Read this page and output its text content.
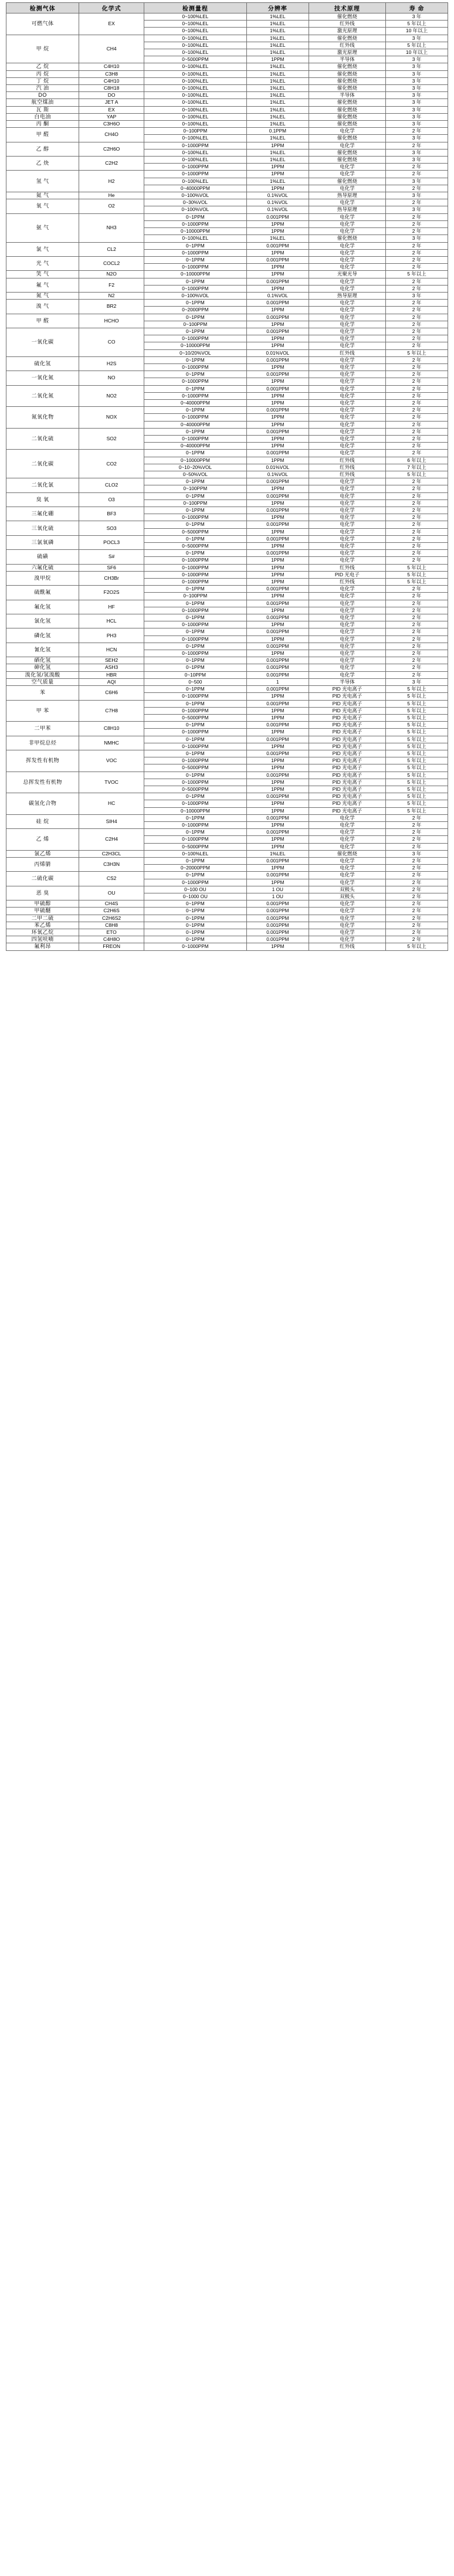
检测气体	化学式	检测量程	分辨率	技术原理	寿 命
可燃气体	EX	0~100%LEL	1%LEL	催化燃烧	3 年
		0~100%LEL	1%LEL	红外线	5 年以上
		0~100%LEL	1%LEL	激光原理	10 年以上
甲 烷	CH4	0~100%LEL	1%LEL	催化燃烧	3 年
		0~100%LEL	1%LEL	红外线	5 年以上
		0~100%LEL	1%LEL	激光原理	10 年以上
		0~5000PPM	1PPM	半导体	3 年
乙 烷	C4H10	0~100%LEL	1%LEL	催化燃烧	3 年
丙 烷	C3H8	0~100%LEL	1%LEL	催化燃烧	3 年
丁 烷	C4H10	0~100%LEL	1%LEL	催化燃烧	3 年
汽 油	C8H18	0~100%LEL	1%LEL	催化燃烧	3 年
DO	DO	0~100%LEL	1%LEL	半导体	3 年
航空煤油	JET A	0~100%LEL	1%LEL	催化燃烧	3 年
瓦 斯	EX	0~100%LEL	1%LEL	催化燃烧	3 年
白电油	YAP	0~100%LEL	1%LEL	催化燃烧	3 年
丙 酮	C3H6O	0~100%LEL	1%LEL	催化燃烧	3 年
甲 醛	CH4O	0~100PPM	0.1PPM	电化学	2 年
		0~100%LEL	1%LEL	催化燃烧	3 年
乙 醇	C2H6O	0~1000PPM	1PPM	电化学	2 年
		0~100%LEL	1%LEL	催化燃烧	3 年
乙 炔	C2H2	0~100%LEL	1%LEL	催化燃烧	3 年
		0~1000PPM	1PPM	电化学	2 年
氢 气	H2	0~1000PPM	1PPM	电化学	2 年
		0~100%LEL	1%LEL	催化燃烧	3 年
		0~40000PPM	1PPM	电化学	2 年
氦 气	He	0~100%VOL	0.1%VOL	热导原理	3 年
氧 气	O2	0~30%VOL	0.1%VOL	电化学	2 年
		0~100%VOL	0.1%VOL	热导原理	3 年
氨 气	NH3	0~1PPM	0.001PPM	电化学	2 年
		0~1000PPM	1PPM	电化学	2 年
		0~10000PPM	1PPM	电化学	2 年
		0~100%LEL	1%LEL	催化燃烧	3 年
氯 气	CL2	0~1PPM	0.001PPM	电化学	2 年
		0~1000PPM	1PPM	电化学	2 年
光 气	COCL2	0~1PPM	0.001PPM	电化学	2 年
		0~1000PPM	1PPM	电化学	2 年
笑 气	N2O	0~10000PPM	1PPM	光聚光导	5 年以上
氟 气	F2	0~1PPM	0.001PPM	电化学	2 年
		0~1000PPM	1PPM	电化学	2 年
氮 气	N2	0~100%VOL	0.1%VOL	热导原理	3 年
溴 气	BR2	0~1PPM	0.001PPM	电化学	2 年
		0~2000PPM	1PPM	电化学	2 年
甲 醛	HCHO	0~1PPM	0.001PPM	电化学	2 年
		0~100PPM	1PPM	电化学	2 年
一氧化碳	CO	0~1PPM	0.001PPM	电化学	2 年
		0~1000PPM	1PPM	电化学	2 年
		0~10000PPM	1PPM	电化学	2 年
		0~10/20%VOL	0.01%VOL	红外线	5 年以上
硫化氢	H2S	0~1PPM	0.001PPM	电化学	2 年
		0~1000PPM	1PPM	电化学	2 年
一氧化氮	NO	0~1PPM	0.001PPM	电化学	2 年
		0~1000PPM	1PPM	电化学	2 年
二氧化氮	NO2	0~1PPM	0.001PPM	电化学	2 年
		0~1000PPM	1PPM	电化学	2 年
		0~40000PPM	1PPM	电化学	2 年
氮氧化物	NOX	0~1PPM	0.001PPM	电化学	2 年
		0~1000PPM	1PPM	电化学	2 年
		0~40000PPM	1PPM	电化学	2 年
二氧化硫	SO2	0~1PPM	0.001PPM	电化学	2 年
		0~1000PPM	1PPM	电化学	2 年
		0~40000PPM	1PPM	电化学	2 年
二氧化碳	CO2	0~1PPM	0.001PPM	电化学	2 年
		0~10000PPM	1PPM	红外线	6 年以上
		0~10~20%VOL	0.01%VOL	红外线	7 年以上
		0~50%VOL	0.1%VOL	红外线	5 年以上
二氧化氯	CLO2	0~1PPM	0.001PPM	电化学	2 年
		0~100PPM	1PPM	电化学	2 年
臭 氧	O3	0~1PPM	0.001PPM	电化学	2 年
		0~100PPM	1PPM	电化学	2 年
三氟化硼	BF3	0~1PPM	0.001PPM	电化学	2 年
		0~1000PPM	1PPM	电化学	2 年
三氧化硫	SO3	0~1PPM	0.001PPM	电化学	2 年
		0~5000PPM	1PPM	电化学	2 年
三氯氧磷	POCL3	0~1PPM	0.001PPM	电化学	2 年
		0~5000PPM	1PPM	电化学	2 年
硫磺	S#	0~1PPM	0.001PPM	电化学	2 年
		0~1000PPM	1PPM	电化学	2 年
六氟化硫	SF6	0~1000PPM	1PPM	红外线	5 年以上
溴甲烷	CH3Br	0~1000PPM	1PPM	PID 光电子	5 年以上
		0~1000PPM	1PPM	红外线	5 年以上
硫酰氟	F2O2S	0~1PPM	0.001PPM	电化学	2 年
		0~100PPM	1PPM	电化学	2 年
氟化氢	HF	0~1PPM	0.001PPM	电化学	2 年
		0~1000PPM	1PPM	电化学	2 年
氯化氢	HCL	0~1PPM	0.001PPM	电化学	2 年
		0~1000PPM	1PPM	电化学	2 年
磷化氢	PH3	0~1PPM	0.001PPM	电化学	2 年
		0~1000PPM	1PPM	电化学	2 年
氰化氢	HCN	0~1PPM	0.001PPM	电化学	2 年
		0~1000PPM	1PPM	电化学	2 年
硒化氢	SEH2	0~1PPM	0.001PPM	电化学	2 年
砷化氢	ASH3	0~1PPM	0.001PPM	电化学	2 年
溴化氢/氢溴酸	HBR	0~10PPM	0.001PPM	电化学	2 年
空气质量	AQI	0~500	1	半导体	3 年
苯	C6H6	0~1PPM	0.001PPM	PID 光电离子	5 年以上
		0~1000PPM	1PPM	PID 光电离子	5 年以上
甲 苯	C7H8	0~1PPM	0.001PPM	PID 光电离子	5 年以上
		0~1000PPM	1PPM	PID 光电离子	5 年以上
		0~5000PPM	1PPM	PID 光电离子	5 年以上
二甲苯	C8H10	0~1PPM	0.001PPM	PID 光电离子	5 年以上
		0~1000PPM	1PPM	PID 光电离子	5 年以上
非甲烷总烃	NMHC	0~1PPM	0.001PPM	PID 光电离子	5 年以上
		0~1000PPM	1PPM	PID 光电离子	5 年以上
挥发性有机物	VOC	0~1PPM	0.001PPM	PID 光电离子	5 年以上
		0~1000PPM	1PPM	PID 光电离子	5 年以上
		0~5000PPM	1PPM	PID 光电离子	5 年以上
总挥发性有机物	TVOC	0~1PPM	0.001PPM	PID 光电离子	5 年以上
		0~1000PPM	1PPM	PID 光电离子	5 年以上
		0~5000PPM	1PPM	PID 光电离子	5 年以上
碳氢化合物	HC	0~1PPM	0.001PPM	PID 光电离子	5 年以上
		0~1000PPM	1PPM	PID 光电离子	5 年以上
		0~10000PPM	1PPM	PID 光电离子	5 年以上
硅 烷	SIH4	0~1PPM	0.001PPM	电化学	2 年
		0~1000PPM	1PPM	电化学	2 年
乙 烯	C2H4	0~1PPM	0.001PPM	电化学	2 年
		0~1000PPM	1PPM	电化学	2 年
		0~5000PPM	1PPM	电化学	2 年
氯乙烯	C2H3CL	0~100%LEL	1%LEL	催化燃烧	3 年
丙烯腈	C3H3N	0~1PPM	0.001PPM	电化学	2 年
		0~20000PPM	1PPM	电化学	2 年
二硫化碳	CS2	0~1PPM	0.001PPM	电化学	2 年
		0~1000PPM	1PPM	电化学	2 年
恶 臭	OU	0~100 OU	1 OU	双极头	2 年
		0~1000 OU	1 OU	双极头	2 年
甲硫醇	CH4S	0~1PPM	0.001PPM	电化学	2 年
甲硫醚	C2H6S	0~1PPM	0.001PPM	电化学	2 年
二甲二硫	C2H6S2	0~1PPM	0.001PPM	电化学	2 年
苯乙烯	C8H8	0~1PPM	0.001PPM	电化学	2 年
环氧乙烷	ETO	0~1PPM	0.001PPM	电化学	2 年
四氢呋喃	C4H8O	0~1PPM	0.001PPM	电化学	2 年
氟利昂	FREON	0~1000PPM	1PPM	红外线	5 年以上
